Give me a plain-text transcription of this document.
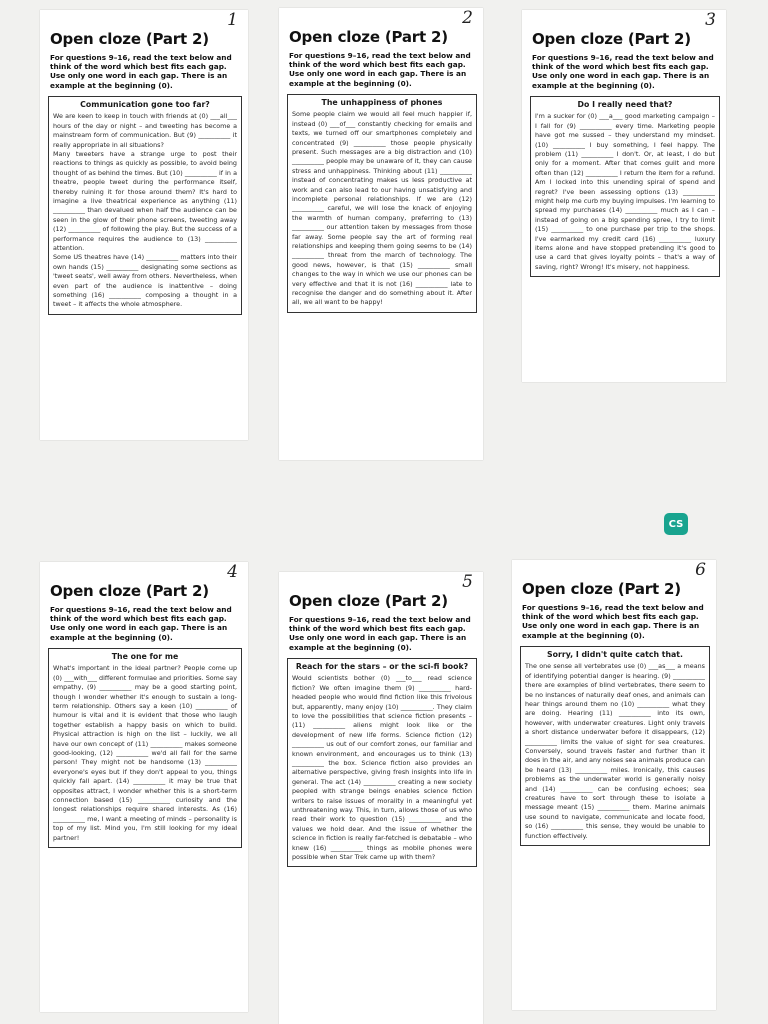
1
Open cloze (Part 2)
For questions 9–16, read the text below and think of the word which best fits each gap. Use only one word in each gap. There is an example at the beginning (0).
Communication gone too far?

We are keen to keep in touch with friends at (0) ___all___ hours of the day or night – and tweeting has become a mainstream form of communication. But (9) __________ it really appropriate in all situations?

Many tweeters have a strange urge to post their reactions to things as quickly as possible, to avoid being thought of as behind the times. But (10) __________ if in a theatre, people tweet during the performance itself, thereby ruining it for those around them? It's hard to imagine a live theatrical experience as anything (11) __________ than devalued when half the audience can be seen in the glow of their phone screens, tweeting away (12) __________ of following the play. But the success of a performance requires the audience to (13) __________ attention.

Some US theatres have (14) __________ matters into their own hands (15) __________ designating some sections as 'tweet seats', well away from others. Nevertheless, when even part of the audience is inattentive – doing something (16) __________ composing a thought in a tweet – it affects the whole atmosphere.

2
Open cloze (Part 2)
For questions 9–16, read the text below and think of the word which best fits each gap. Use only one word in each gap. There is an example at the beginning (0).
The unhappiness of phones

Some people claim we would all feel much happier if, instead (0) ___of___ constantly checking for emails and texts, we turned off our smartphones completely and concentrated (9) __________ those people physically present. Such messages are a big distraction and (10) __________ people may be unaware of it, they can cause stress and unhappiness. Thinking about (11) __________ instead of concentrating makes us less productive at work and can also lead to our having unsatisfying and incomplete personal relationships. If we are (12) __________ careful, we will lose the knack of enjoying the warmth of human company, preferring to (13) __________ our attention taken by messages from those far away. Some people say the art of forming real relationships and keeping them going seems to be (14) __________ threat from the march of technology. The good news, however, is that (15) __________ small changes to the way in which we use our phones can be very effective and that it is not (16) __________ late to recognise the danger and do something about it. After all, we all want to be happy!

3
Open cloze (Part 2)
For questions 9–16, read the text below and think of the word which best fits each gap. Use only one word in each gap. There is an example at the beginning (0).
Do I really need that?

I'm a sucker for (0) ___a___ good marketing campaign – I fall for (9) __________ every time. Marketing people have got me sussed – they understand my mindset. (10) __________ I buy something, I feel happy. The problem (11) __________ I don't. Or, at least, I do but only for a moment. After that comes guilt and more often than (12) __________ I return the item for a refund. Am I locked into this unending spiral of spend and regret? I've been assessing options (13) __________ might help me curb my buying impulses. I'm learning to spread my purchases (14) __________ much as I can – instead of going on a big spending spree, I try to limit (15) __________ to one purchase per trip to the shops. I've earmarked my credit card (16) __________ luxury items alone and have stopped pretending it's good to use a card that gives loyalty points – that's a way of saving, right? Wrong! It's misery, not happiness.

CS
4
Open cloze (Part 2)
For questions 9–16, read the text below and think of the word which best fits each gap. Use only one word in each gap. There is an example at the beginning (0).
The one for me

What's important in the ideal partner? People come up (0) ___with___ different formulae and priorities. Some say empathy, (9) __________ may be a good starting point, though I wonder whether it's enough to sustain a long-term relationship. Others say a keen (10) __________ of humour is vital and it is evident that those who laugh together establish a happy basis on which to build. Physical attraction is high on the list – luckily, we all have our own concept of (11) __________ makes someone good-looking, (12) __________ we'd all fall for the same person! They might not be handsome (13) __________ everyone's eyes but if they don't appeal to you, things quickly fall apart. (14) __________ it may be true that opposites attract, I wonder whether this is a short-term connection based (15) __________ curiosity and the longest relationships require shared interests. As (16) __________ me, I want a meeting of minds – personality is top of my list. Mind you, I'm still looking for my ideal partner!

5
Open cloze (Part 2)
For questions 9–16, read the text below and think of the word which best fits each gap. Use only one word in each gap. There is an example at the beginning (0).
Reach for the stars – or the sci-fi book?

Would scientists bother (0) ___to___ read science fiction? We often imagine them (9) __________ hard-headed people who would find fiction like this frivolous but, apparently, many enjoy (10) __________. They claim to love the possibilities that science fiction presents – (11) __________ aliens might look like or the development of new life forms. Science fiction (12) __________ us out of our comfort zones, our familiar and known environment, and encourages us to think (13) __________ the box. Science fiction also provides an alternative perspective, giving fresh insights into life in general. The act (14) __________ creating a new society peopled with strange beings enables science fiction writers to raise issues of morality in a meaningful yet unthreatening way. This, in turn, allows those of us who read their work to question (15) __________ and the values we hold dear. And the issue of whether the science in fiction is really far-fetched is debatable – who knew (16) __________ things as mobile phones were possible when Star Trek came up with them?

6
Open cloze (Part 2)
For questions 9–16, read the text below and think of the word which best fits each gap. Use only one word in each gap. There is an example at the beginning (0).
Sorry, I didn't quite catch that.

The one sense all vertebrates use (0) ___as___ a means of identifying potential danger is hearing. (9) __________ there are examples of blind vertebrates, there seem to be no instances of naturally deaf ones, and animals can hear things around them no (10) __________ what they are doing. Hearing (11) __________ into its own, however, with underwater creatures. Light only travels a short distance underwater before it disappears, (12) __________ limits the value of sight for sea creatures. Conversely, sound travels faster and further than it does in the air, and any noises sea animals produce can be heard (13) __________ miles. Ironically, this causes problems as the underwater world is generally noisy and (14) __________ can be confusing echoes; sea creatures have to sort through these to isolate a message meant (15) __________ them. Marine animals use sound to navigate, communicate and locate food, so (16) __________ this sense, they would be unable to function effectively.
